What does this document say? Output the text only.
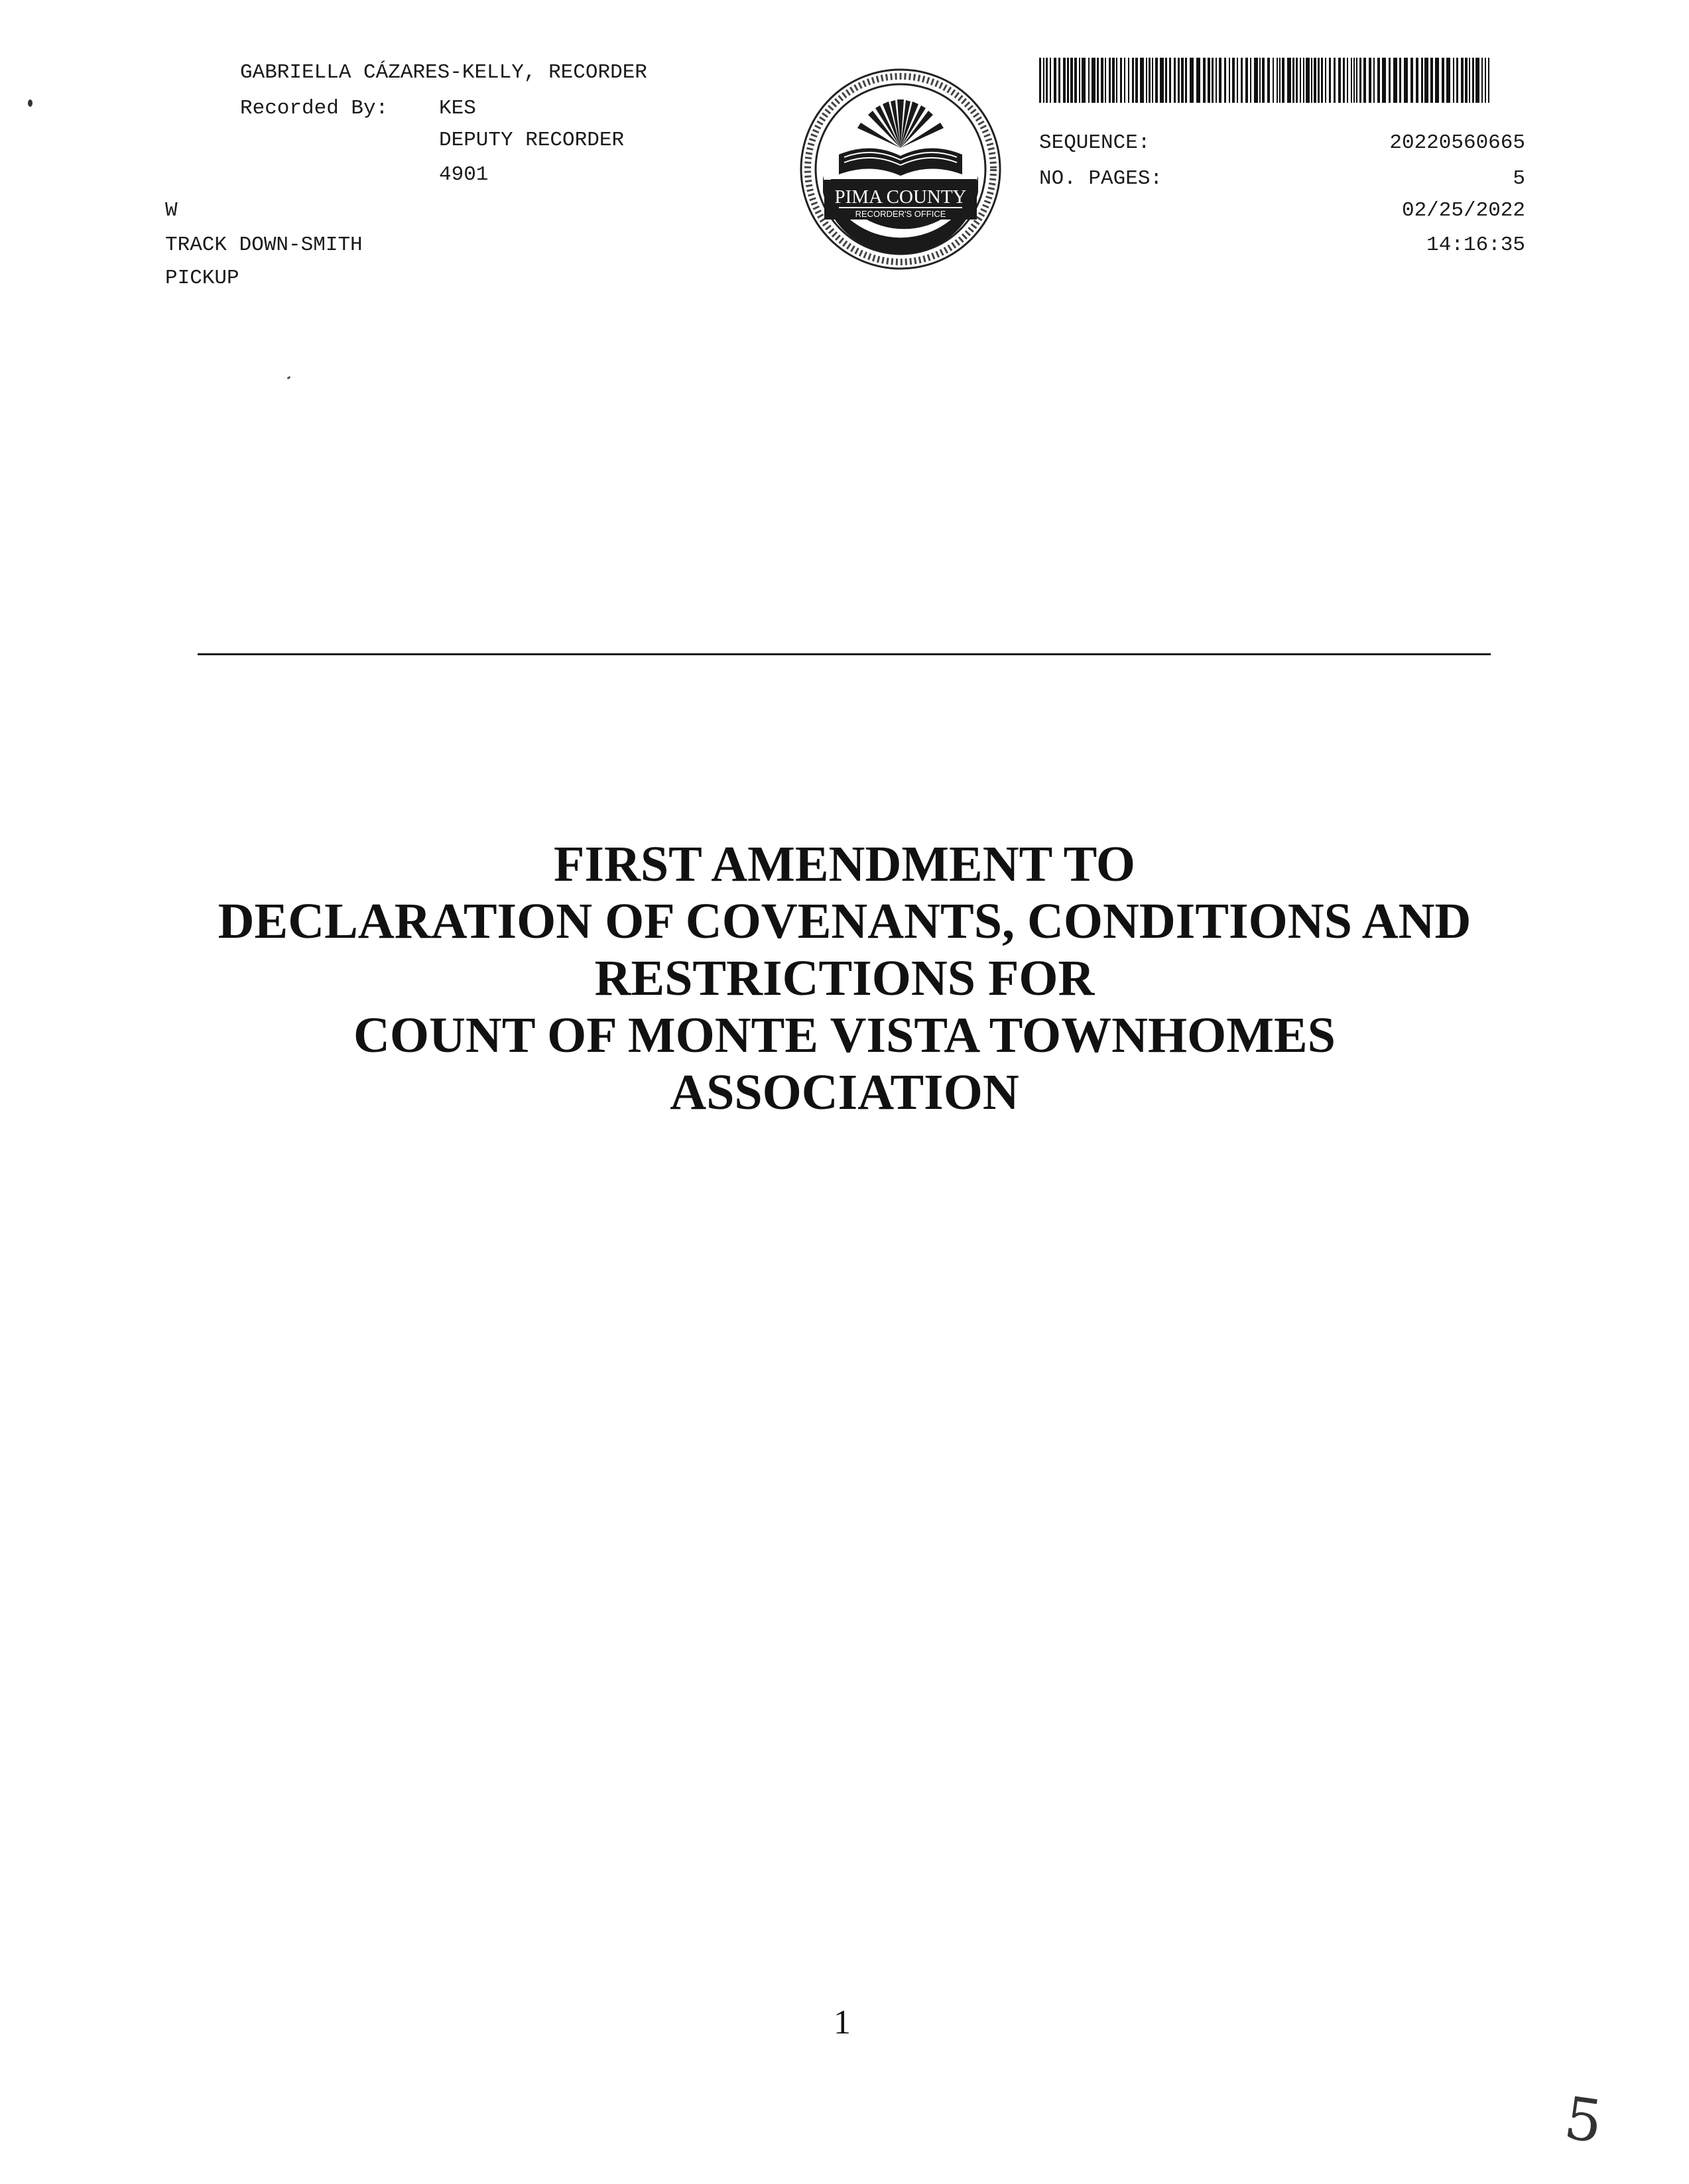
GABRIELLA CÁZARES-KELLY, RECORDER
Recorded By: KES
DEPUTY RECORDER
4901
W
TRACK DOWN-SMITH
PICKUP
PIMA COUNTY
RECORDER'S OFFICE
SEQUENCE:	20220560665
NO. PAGES:	5
02/25/2022
14:16:35
FIRST AMENDMENT TO
DECLARATION OF COVENANTS, CONDITIONS AND
RESTRICTIONS FOR
COUNT OF MONTE VISTA TOWNHOMES
ASSOCIATION
1
5
